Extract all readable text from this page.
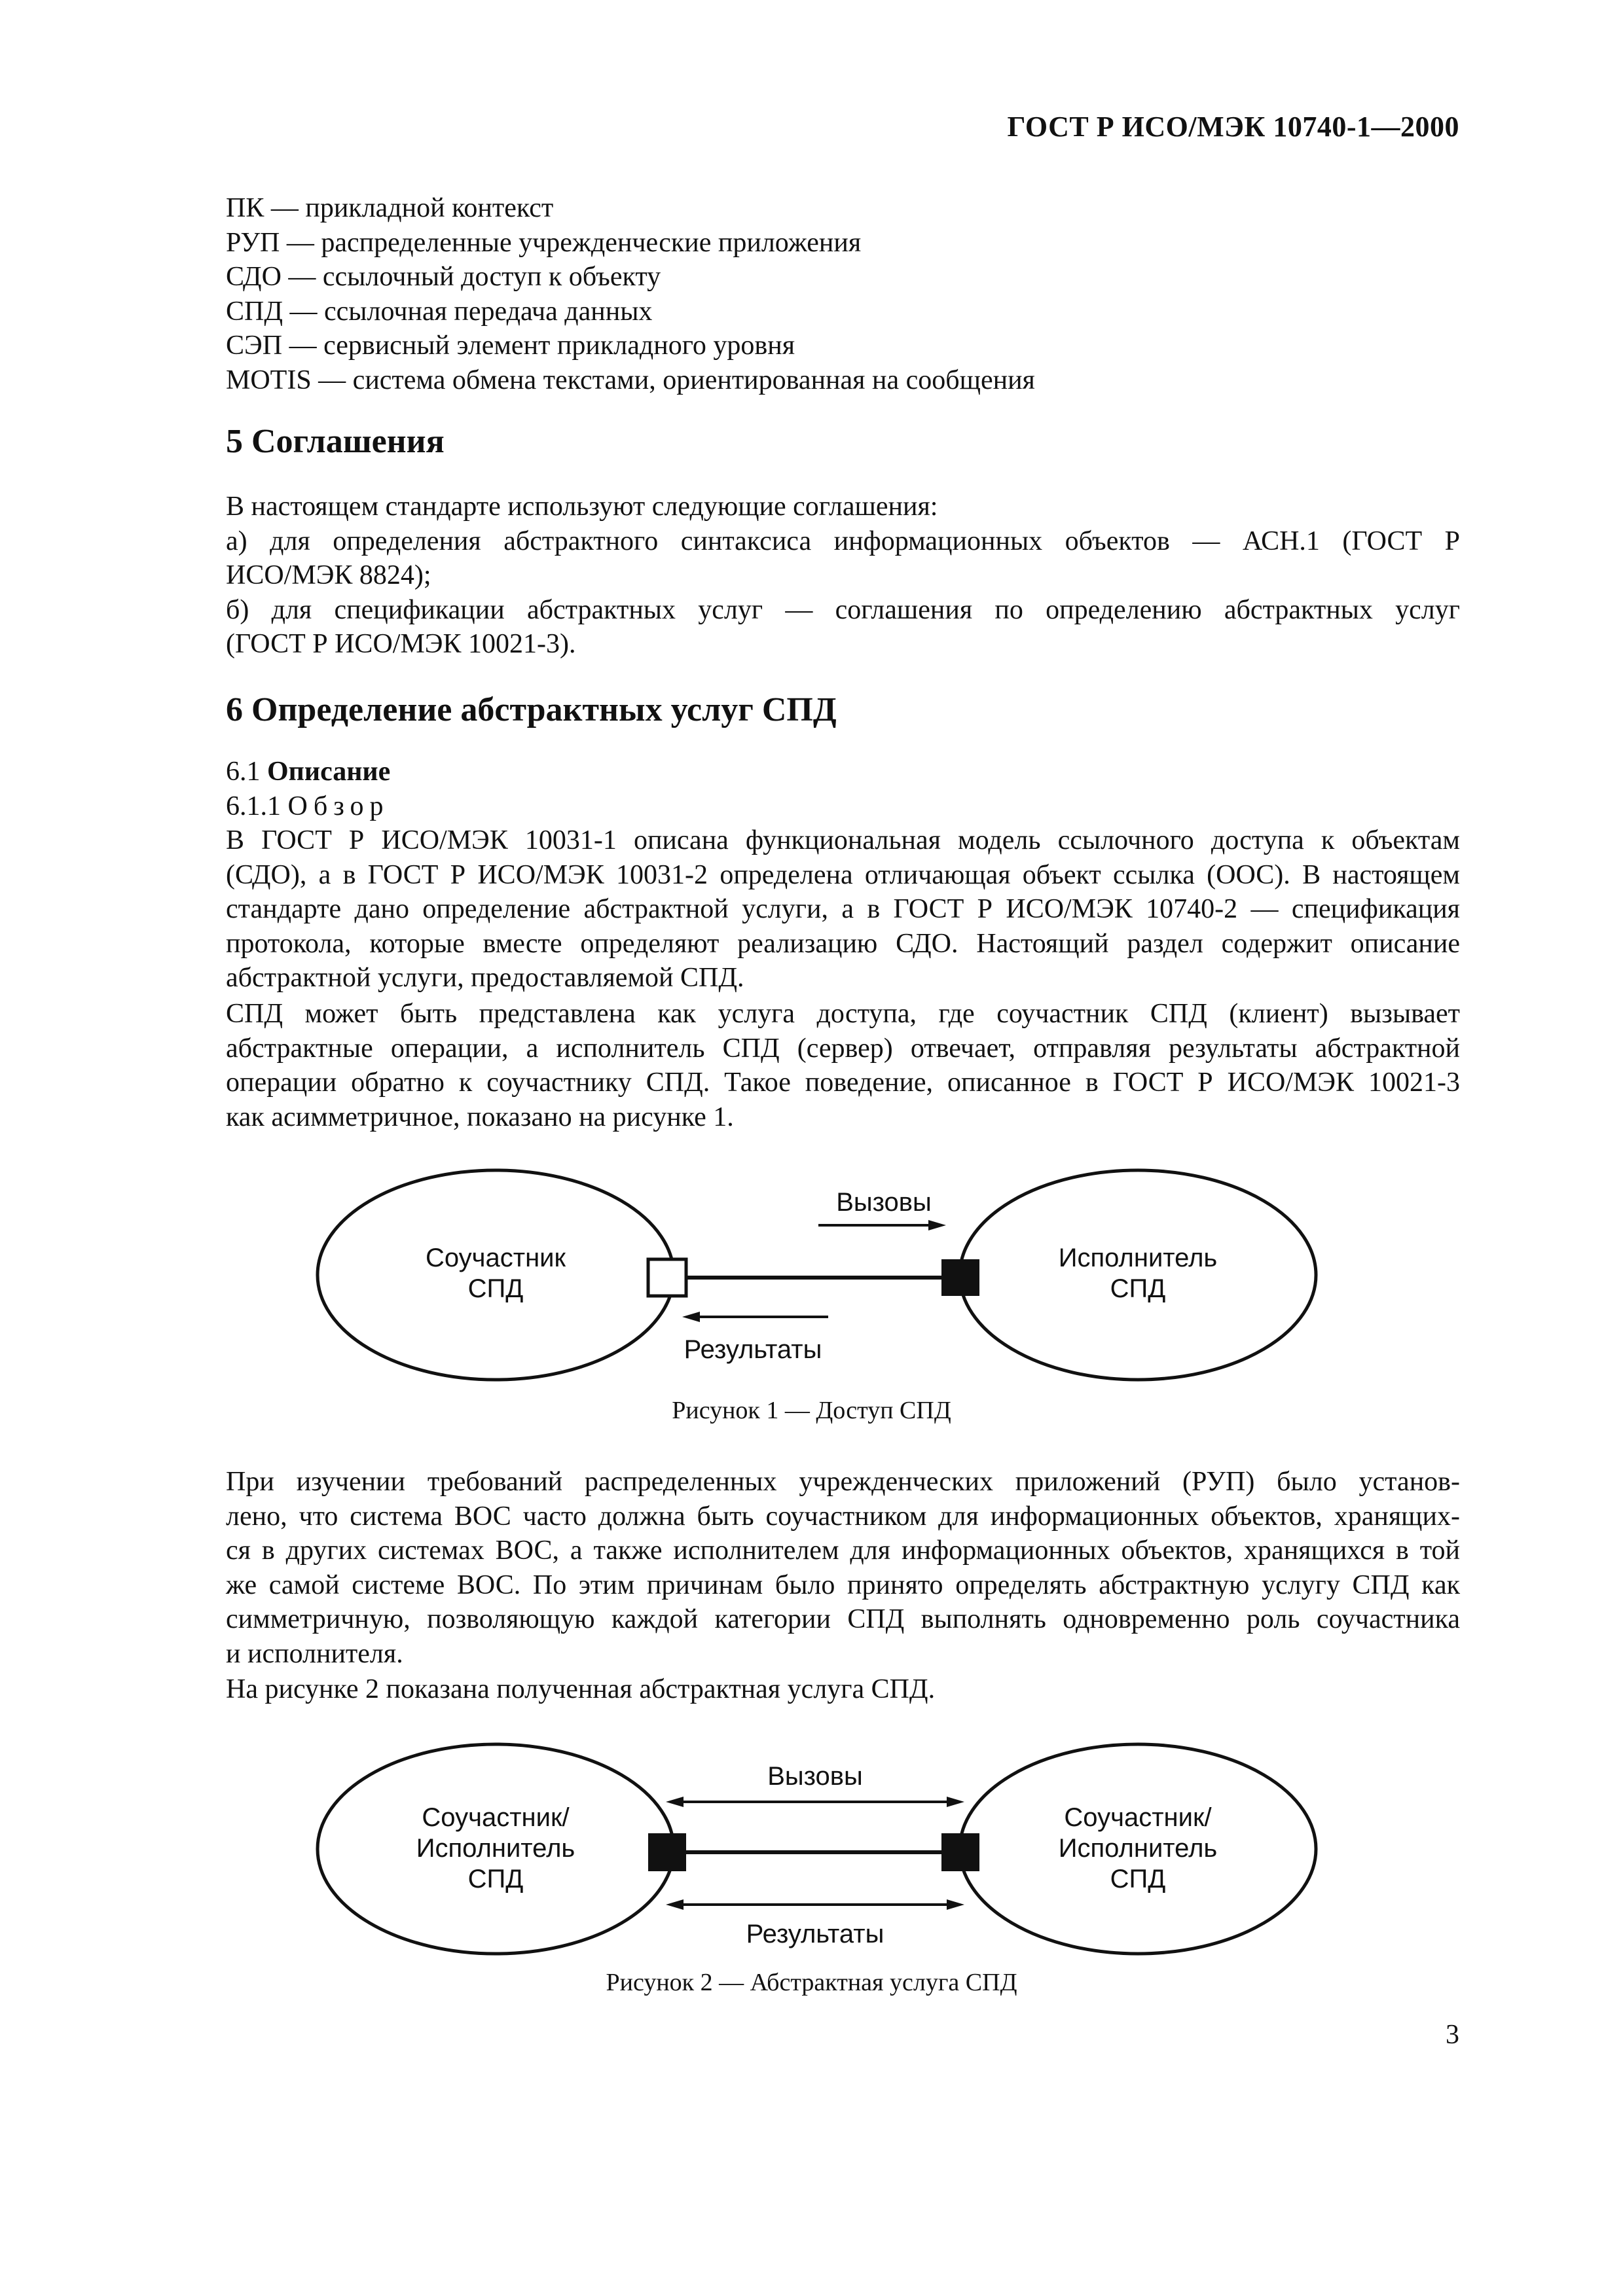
ГОСТ Р ИСО/МЭК 10740-1—2000
ПК — прикладной контекст
РУП — распределенные учрежденческие приложения
СДО — ссылочный доступ к объекту
СПД — ссылочная передача данных
СЭП — сервисный элемент прикладного уровня
MOTIS — система обмена текстами, ориентированная на сообщения
5 Соглашения
В настоящем стандарте используют следующие соглашения:
а) для определения абстрактного синтаксиса информационных объектов — АСН.1 (ГОСТ Р
ИСО/МЭК 8824);
б) для спецификации абстрактных услуг — соглашения по определению абстрактных услуг
(ГОСТ Р ИСО/МЭК 10021-3).
6 Определение абстрактных услуг СПД
6.1 Описание
6.1.1 Обзор
В ГОСТ Р ИСО/МЭК 10031-1 описана функциональная модель ссылочного доступа к объектам
(СДО), а в ГОСТ Р ИСО/МЭК 10031-2 определена отличающая объект ссылка (ООС). В настоящем
стандарте дано определение абстрактной услуги, а в ГОСТ Р ИСО/МЭК 10740-2 — спецификация
протокола, которые вместе определяют реализацию СДО. Настоящий раздел содержит описание
абстрактной услуги, предоставляемой СПД.
СПД может быть представлена как услуга доступа, где соучастник СПД (клиент) вызывает
абстрактные операции, а исполнитель СПД (сервер) отвечает, отправляя результаты абстрактной
операции обратно к соучастнику СПД. Такое поведение, описанное в ГОСТ Р ИСО/МЭК 10021-3
как асимметричное, показано на рисунке 1.
Вызовы
Результаты
Соучастник
СПД
Исполнитель
СПД
Рисунок 1 — Доступ СПД
При изучении требований распределенных учрежденческих приложений (РУП) было установ-
лено, что система ВОС часто должна быть соучастником для информационных объектов, хранящих-
ся в других системах ВОС, а также исполнителем для информационных объектов, хранящихся в той
же самой системе ВОС. По этим причинам было принято определять абстрактную услугу СПД как
симметричную, позволяющую каждой категории СПД выполнять одновременно роль соучастника
и исполнителя.
На рисунке 2 показана полученная абстрактная услуга СПД.
Вызовы
Результаты
Соучастник/
Исполнитель
СПД
Соучастник/
Исполнитель
СПД
Рисунок 2 — Абстрактная услуга СПД
3
